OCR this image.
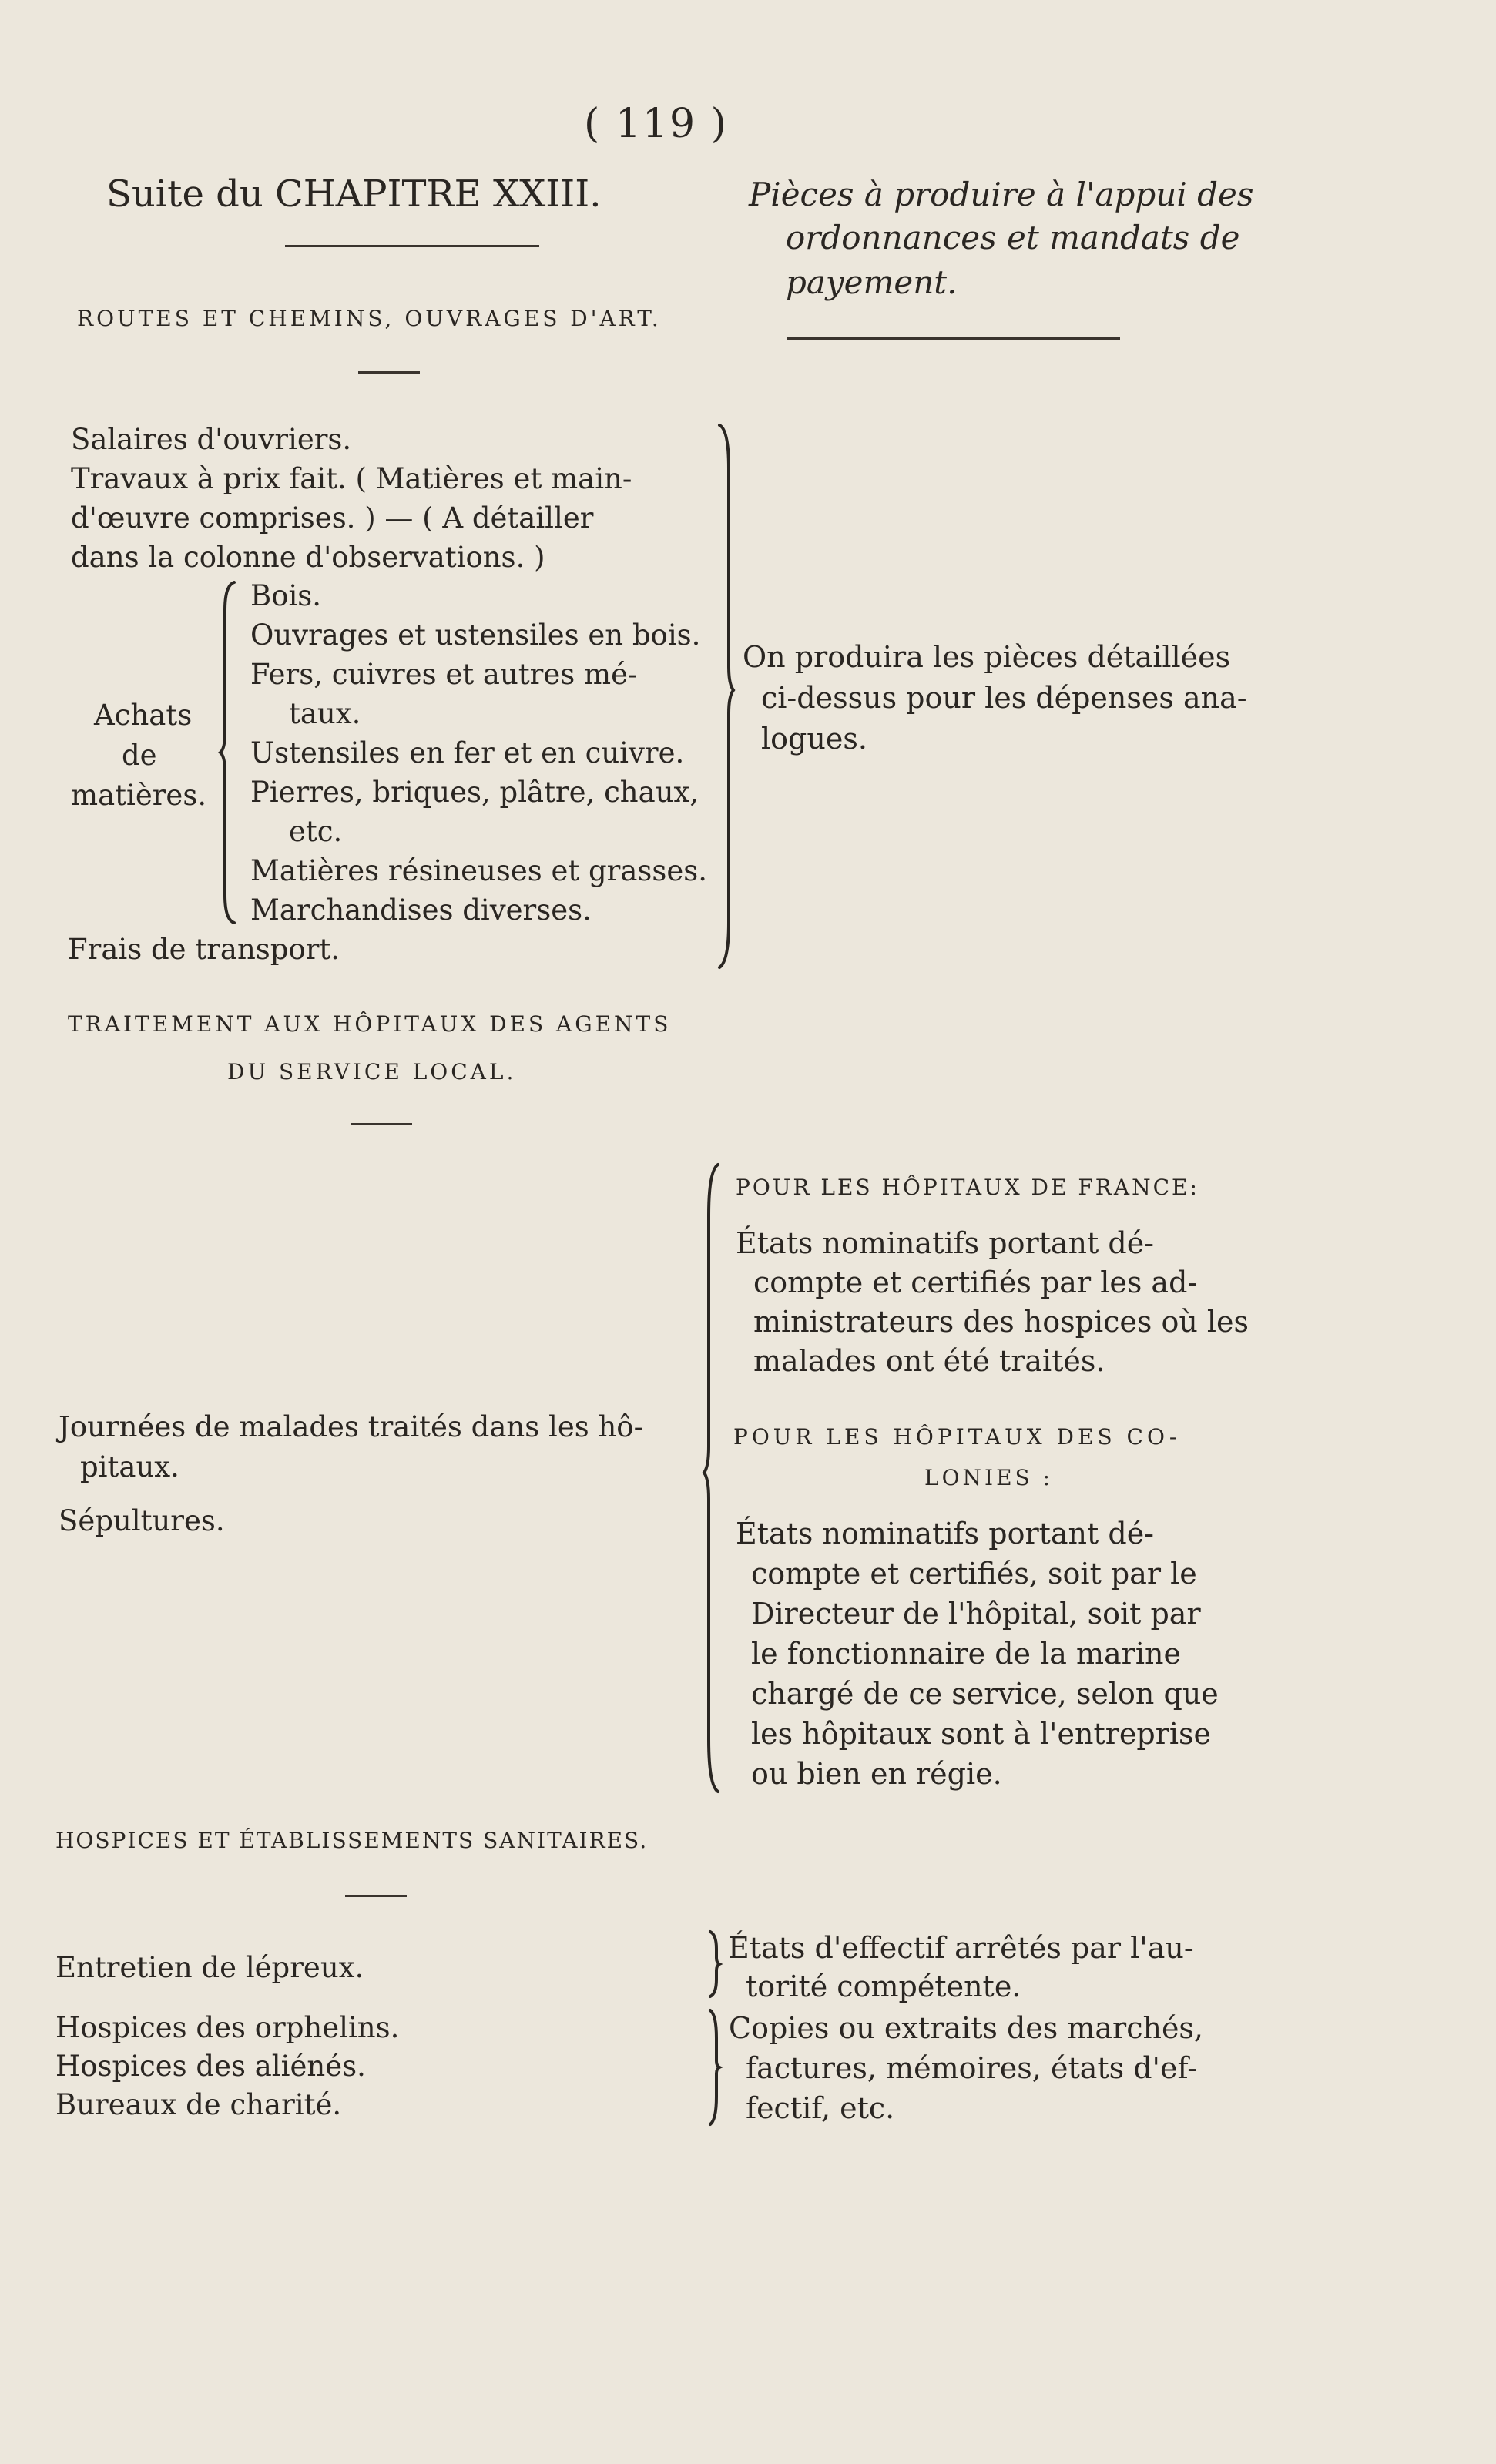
( 119 )
Suite du CHAPITRE XXIII.	Pièces à produire à l'appui des
ordonnances et mandats de
payement.
ROUTES ET CHEMINS, OUVRAGES D'ART.
Salaires d'ouvriers.
Travaux à prix fait. ( Matières et main-
d'œuvre comprises. ) — ( A détailler
dans la colonne d'observations. )
Achats
de
matières.
Bois.
Ouvrages et ustensiles en bois.
Fers, cuivres et autres mé-
taux.
Ustensiles en fer et en cuivre.
Pierres, briques, plâtre, chaux,
etc.
Matières résineuses et grasses.
Marchandises diverses.
Frais de transport.
On produira les pièces détaillées
ci-dessus pour les dépenses ana-
logues.
TRAITEMENT AUX HÔPITAUX DES AGENTS
DU SERVICE LOCAL.
POUR LES HÔPITAUX DE FRANCE:
États nominatifs portant dé-
compte et certifiés par les ad-
ministrateurs des hospices où les
malades ont été traités.
Journées de malades traités dans les hô-
pitaux.
Sépultures.
POUR LES HÔPITAUX DES CO-
LONIES :
États nominatifs portant dé-
compte et certifiés, soit par le
Directeur de l'hôpital, soit par
le fonctionnaire de la marine
chargé de ce service, selon que
les hôpitaux sont à l'entreprise
ou bien en régie.
HOSPICES ET ÉTABLISSEMENTS SANITAIRES.
Entretien de lépreux.
États d'effectif arrêtés par l'au-
torité compétente.
Hospices des orphelins.
Hospices des aliénés.
Bureaux de charité.
Copies ou extraits des marchés,
factures, mémoires, états d'ef-
fectif, etc.
